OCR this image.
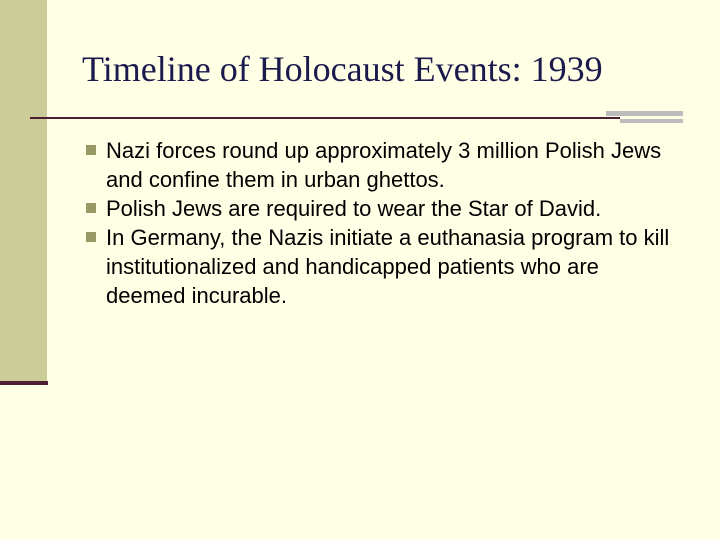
Timeline of Holocaust Events: 1939
Nazi forces round up approximately 3 million Polish Jews and confine them in urban ghettos.
Polish Jews are required to wear the Star of David.
In Germany, the Nazis initiate a euthanasia program to kill institutionalized and handicapped patients who are deemed incurable.
